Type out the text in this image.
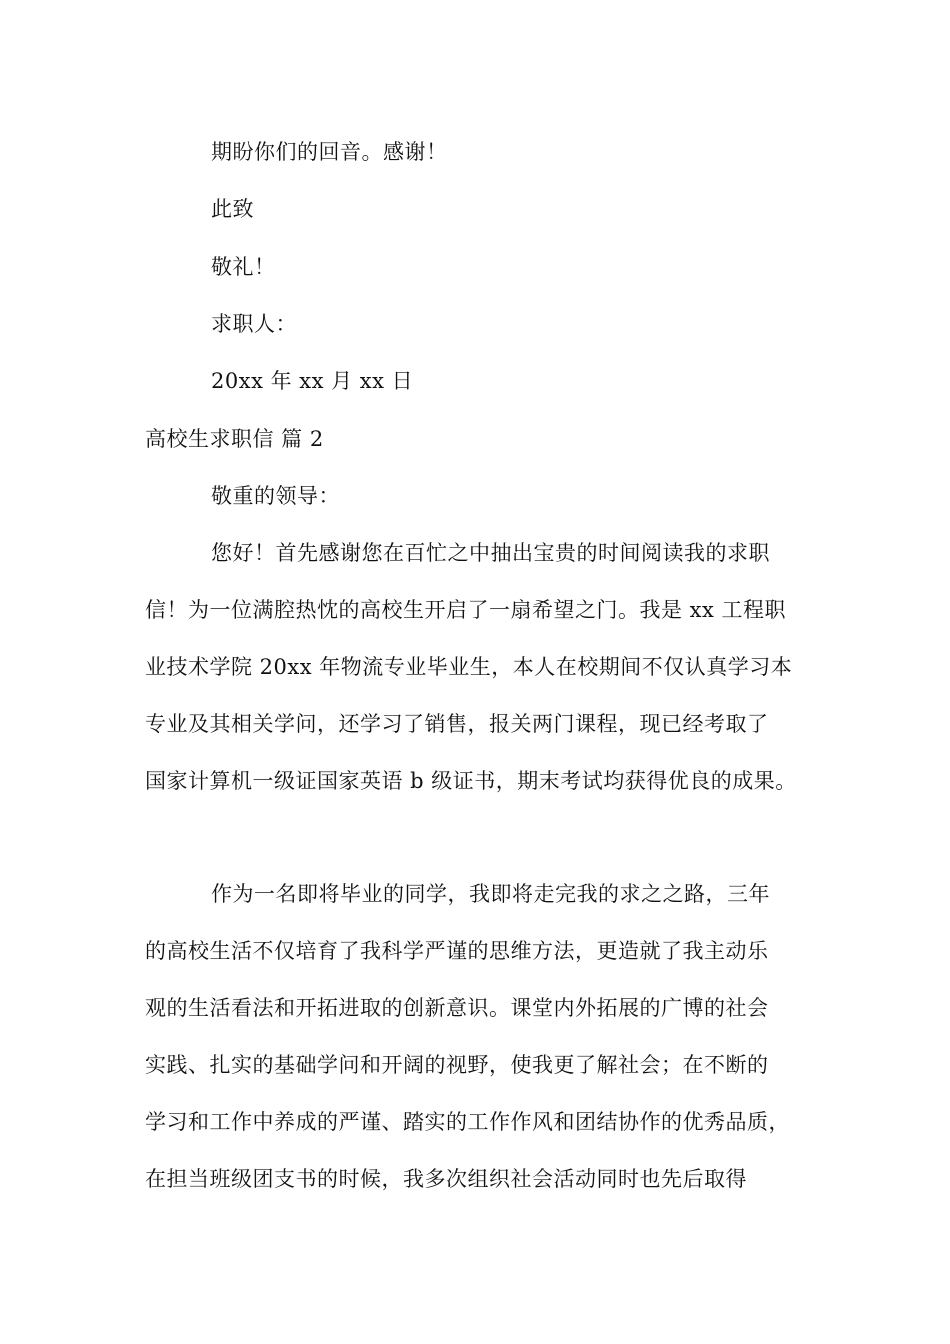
期盼你们的回音。感谢！
此致
敬礼！
求职人：
20xx 年 xx 月 xx 日
高校生求职信 篇 2
敬重的领导：
您好！首先感谢您在百忙之中抽出宝贵的时间阅读我的求职
信！为一位满腔热忱的高校生开启了一扇希望之门。我是 xx 工程职
业技术学院 20xx 年物流专业毕业生，本人在校期间不仅认真学习本
专业及其相关学问，还学习了销售，报关两门课程，现已经考取了
国家计算机一级证国家英语 b 级证书，期末考试均获得优良的成果。
作为一名即将毕业的同学，我即将走完我的求之之路，三年
的高校生活不仅培育了我科学严谨的思维方法，更造就了我主动乐
观的生活看法和开拓进取的创新意识。课堂内外拓展的广博的社会
实践、扎实的基础学问和开阔的视野，使我更了解社会；在不断的
学习和工作中养成的严谨、踏实的工作作风和团结协作的优秀品质，
在担当班级团支书的时候，我多次组织社会活动同时也先后取得
